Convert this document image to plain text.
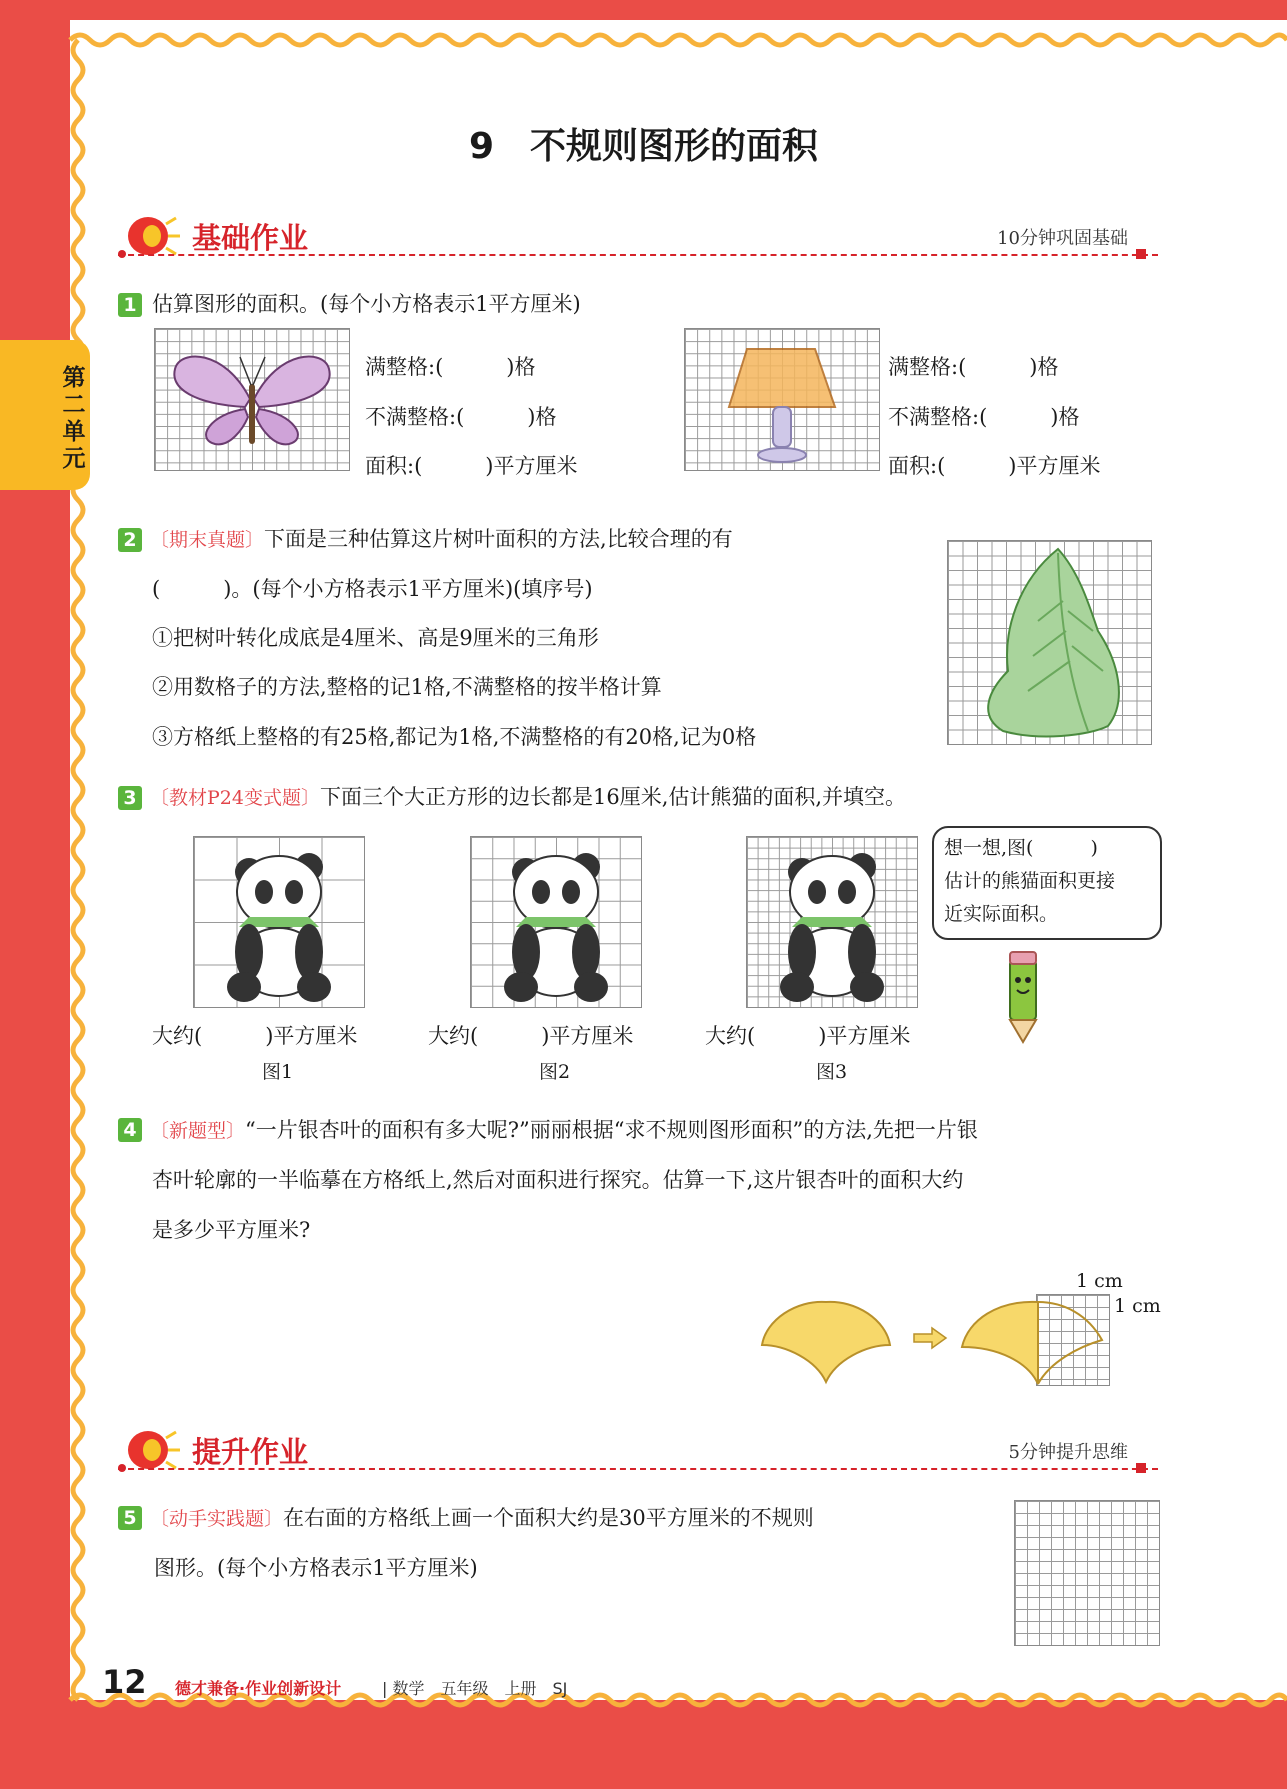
第二单元
9　不规则图形的面积
基础作业	10分钟巩固基础
1 估算图形的面积。(每个小方格表示1平方厘米)
满整格:(　　　)格
不满整格:(　　　)格
面积:(　　　)平方厘米
满整格:(　　　)格
不满整格:(　　　)格
面积:(　　　)平方厘米
2 〔期末真题〕下面是三种估算这片树叶面积的方法,比较合理的有
(　　　)。(每个小方格表示1平方厘米)(填序号)
①把树叶转化成底是4厘米、高是9厘米的三角形
②用数格子的方法,整格的记1格,不满整格的按半格计算
③方格纸上整格的有25格,都记为1格,不满整格的有20格,记为0格
3 〔教材P24变式题〕下面三个大正方形的边长都是16厘米,估计熊猫的面积,并填空。
大约(　　　)平方厘米	大约(　　　)平方厘米	大约(　　　)平方厘米
图1	图2	图3
想一想,图(　　　)
估计的熊猫面积更接
近实际面积。
4 〔新题型〕“一片银杏叶的面积有多大呢?”丽丽根据“求不规则图形面积”的方法,先把一片银
杏叶轮廓的一半临摹在方格纸上,然后对面积进行探究。估算一下,这片银杏叶的面积大约
是多少平方厘米?
1 cm
1 cm
提升作业	5分钟提升思维
5 〔动手实践题〕在右面的方格纸上画一个面积大约是30平方厘米的不规则
图形。(每个小方格表示1平方厘米)
12 德才兼备·作业创新设计	| 数学　五年级　上册　SJ
